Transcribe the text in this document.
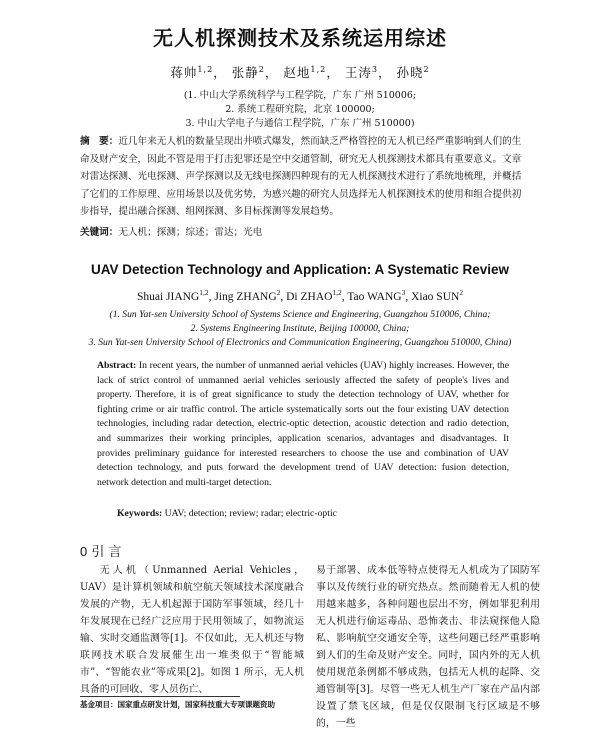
无人机探测技术及系统运用综述
蒋帅$^{1,2}$， 张静$^2$， 赵地$^{1,2}$， 王涛$^3$， 孙晓$^2$
(1. 中山大学系统科学与工程学院，广东 广州 510006;
2. 系统工程研究院，北京 100000;
3. 中山大学电子与通信工程学院，广东 广州 510000)
摘　要：近几年来无人机的数量呈现出井喷式爆发，然而缺乏严格管控的无人机已经严重影响到人们的生命及财产安全，因此不管是用于打击犯罪还是空中交通管制，研究无人机探测技术都具有重要意义。文章对雷达探测、光电探测、声学探测以及无线电探测四种现有的无人机探测技术进行了系统地梳理，并概括了它们的工作原理、应用场景以及优劣势，为感兴趣的研究人员选择无人机探测技术的使用和组合提供初步指导，提出融合探测、组网探测、多目标探测等发展趋势。
关键词：无人机；探测；综述；雷达；光电
UAV Detection Technology and Application: A Systematic Review
Shuai JIANG$^{1,2}$, Jing ZHANG$^2$, Di ZHAO$^{1,2}$, Tao WANG$^3$, Xiao SUN$^2$
(1. Sun Yat-sen University School of Systems Science and Engineering, Guangzhou 510006, China;
2. Systems Engineering Institute, Beijing 100000, China;
3. Sun Yat-sen University School of Electronics and Communication Engineering, Guangzhou 510000, China)
Abstract: In recent years, the number of unmanned aerial vehicles (UAV) highly increases. However, the lack of strict control of unmanned aerial vehicles seriously affected the safety of people's lives and property. Therefore, it is of great significance to study the detection technology of UAV, whether for fighting crime or air traffic control. The article systematically sorts out the four existing UAV detection technologies, including radar detection, electric-optic detection, acoustic detection and radio detection, and summarizes their working principles, application scenarios, advantages and disadvantages. It provides preliminary guidance for interested researchers to choose the use and combination of UAV detection technology, and puts forward the development trend of UAV detection: fusion detection, network detection and multi-target detection.
Keywords: UAV; detection; review; radar; electric-optic
0 引 言
无人机（Unmanned Aerial Vehicles，UAV）是计算机领域和航空航天领域技术深度融合发展的产物，无人机起源于国防军事领域，经几十年发展现在已经广泛应用于民用领域了，如物流运输、实时交通监测等[1]。不仅如此，无人机还与物联网技术联合发展催生出一堆类似于“智能城市”、“智能农业”等成果[2]。如图 1 所示，无人机具备的可回收、零人员伤亡、
易于部署、成本低等特点使得无人机成为了国防军事以及传统行业的研究热点。然而随着无人机的使用越来越多，各种问题也层出不穷，例如罪犯利用无人机进行偷运毒品、恐怖袭击、非法窥探他人隐私、影响航空交通安全等，这些问题已经严重影响到人们的生命及财产安全。同时，国内外的无人机使用规范条例都不够成熟，包括无人机的起降、交通管制等[3]。尽管一些无人机生产厂家在产品内部设置了禁飞区域，但是仅仅限制飞行区域是不够的，一些
基金项目：国家重点研发计划，国家科技重大专项课题资助
